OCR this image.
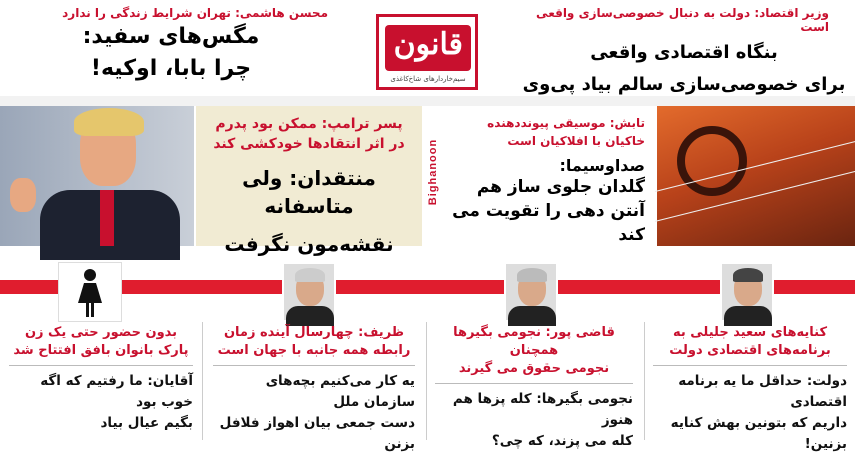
وزیر اقتصاد: دولت به دنبال خصوصی‌سازی واقعی است
بنگاه اقتصادی واقعی
برای خصوصی‌سازی سالم بیاد پی‌وی
قانون
سیم‌خاردارهای شاخ‌کاغذی
محسن هاشمی: تهران شرایط زندگی را ندارد
مگس‌های سفید:
چرا بابا، اوکیه!
تابش: موسیقی پیونددهنده
خاکیان با افلاکیان است
صداوسیما:
گلدان جلوی ساز هم
آنتن دهی را تقویت می کند
Bighanoon
پسر ترامپ: ممکن بود پدرم
در اثر انتقادها خودکشی کند
منتقدان: ولی متاسفانه
نقشه‌مون نگرفت
کنایه‌های سعید جلیلی به
برنامه‌های اقتصادی دولت
دولت: حداقل ما یه برنامه اقتصادی
داریم که بتونین بهش کنایه بزنین!
قاضی پور: نجومی بگیرها همچنان
نجومی حقوق می گیرند
نجومی بگیرها: کله پزها هم هنوز
کله می پزند، که چی؟
ظریف: چهارسال آینده زمان
رابطه همه جانبه با جهان است
یه کار می‌کنیم بچه‌های سازمان ملل
دست جمعی بیان اهواز فلافل بزنن
بدون حضور حتی یک زن
پارک بانوان بافق افتتاح شد
آقایان: ما رفتیم که اگه خوب بود
بگیم عیال بیاد
